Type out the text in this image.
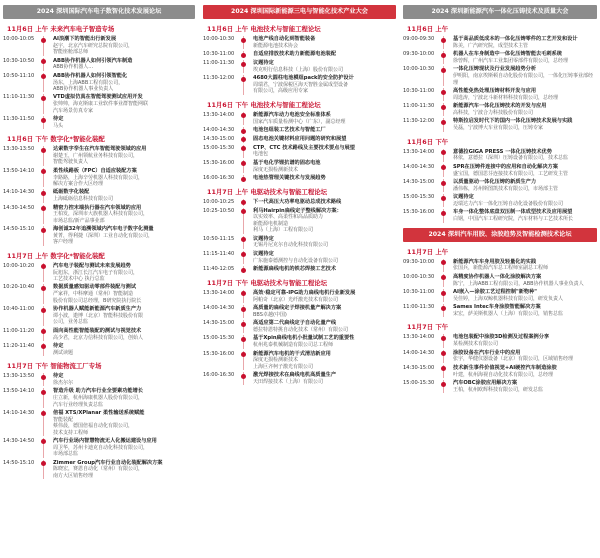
2024 深圳国际汽车电子数智化技术发展论坛
11月6日 上午 未来汽车电子智造专场
10:00-10:05	AI浪潮下的智能出行新发展
赵宇，北京汽车研究总院有限公司，
智能座舱部总师
10:30-10:50	ABB协作机器人如何引领汽车制造
ABB协作机器人...
10:50-11:10	ABB协作机器人如何引领智能化
汤东，上海ABB工程有限公司，
ABB协作机器人事业负责人
11:10-11:30	VTD虚拟仿真在智能驾驶测试应用开发
张帅帅，海克斯康工业软件事业群智能网联
汽车场景仿真专家
11:30-11:50	待定
马头
11月6日 下午 数字化*智能化装配
13:30-13:50	达索数字孪生在汽车智能驾驶领域的应用
谢楚玉，广州领航业务科技有限公司，
智能驾驶负责人
13:50-14:10	柔性线路板（FPC）自适应装配方案
李路路，上海辛劳机器人科技有限公司，
解决方案合作大区经理
14:10-14:30	砥砺数字化装配
上海砥砺信息科技有限公司
14:30-14:50	精密力控末端执行器在汽车领域的应用
王柏发，深圳市大族机器人科技有限公司，
市场总监/新产品事业部
14:50-15:10	海创诚32年追溯领域内汽车电子数字化测量
黄菁，得利捷（深圳）工业自动化有限公司，
客户经理
11月7日 上午 数字化*智能化装配
10:00-10:20	汽车电子装配与测试未来发展趋势
阮旭东，浙江长江汽车电子有限公司，
工艺技术中心 执行总监
10:20-10:40	数据质量感知驱动零部件装配与测试
严家祥，中科摩通（常州）智能制造
股份有限公司总经理，B研究院执行院长
10:40-11:00	协作机器人赋能新能源汽车新质生产力
谭小波，遨博（北京）智能科技股份有限
公司，业务总监
11:00-11:20	面向高性能智能装配的测试与视觉技术
高少君，北京力信科技有限公司，创始人
11:20-11:40	待定
测试读题
11月7日 下午 智能物流工厂专场
13:30-13:50	待定
徐杰尔尔
13:50-14:10	智造升级 助力汽车行业全要素功能增长
庄立新，杭州海康机器人股份有限公司，
汽车行业经理负责总监
14:10-14:30	倍福 XTS/XPlanar 柔性输送系统赋能
智能装配
蔡伟晨，德国倍福自动化有限公司，
技术支持工程师
14:30-14:50	汽车行业场内智慧物流无人化搬运建设与应用
周卫华，苏州卡迪克自动化科技有限公司，
市场部总监
14:50-15:10	Zimmer Group汽车行业自动化装配解决方案
陈晓宏，赛恩自动化（常州）有限公司，
南方大区销售经理
2024 深圳国际新能源三电与智能化技术产业大会
11月6日 上午 电池技术与智能工程论坛
10:00-10:30	电池产线自动化到智能装备
新能源电池技术协会
10:30-11:00	自适应排放技术助力新能源电池装配
11:00-11:30	议题待定
埃克明行信息科技（上海）股份有限公司
11:30-12:00	4680大圆柱电池模组pack的安全防护设计
周瑞君，宁波保税区海天智胜金属成型设备
有限公司，高级应用专家
11月6日 下午 电池技术与智能工程论坛
13:30-14:00	新能源汽车动力电池安全标准体系
国家汽车质量检测中心（广东），副总经理
14:00-14:30	电池包组装工艺技术与智能工厂
14:30-15:00	固态电池关键材料应用问题的研究和展望
15:00-15:30	CTP、CTC 技术路线及主要技术要点与展望
电池包
15:30-16:00	基于电化学锂抗谱的固态电池
深度无损检测新技术
16:00-16:30	电池热管理关键技术与发展趋势
11月7日 上午 电驱动技术与智能工程论坛
10:00-10:25	下一代高压大功率电驱动总成技术路线
10:25-10:50	利马Hairpin扁线定子整线解决方案：
以实效率、高柔性和高品质助力
新能源电机制造
利马（上海）工程有限公司
10:50-11:15	议题待定
无锡丹尼克尔自动化科技有限公司
11:15-11:40	议题待定
广东施泰德测控与自动化设备有限公司
11:40-12:05	新能源扁线电机的铁芯焊接工艺技术
11月7日 下午 电驱动技术与智能工程论坛
13:30-14:00	高效·稳定可靠-IPG助力扁线电机行业新发展
阿帕奇（北京）光纤激光技术有限公司
14:00-14:30	高质量的扁线定子焊接机量产解决方案
BBS卓越(中国)
14:30-15:00	高适应第二代扁线定子自动化量产线
德拉特恩特挑自动化技术（常州）有限公司
15:00-15:30	基于Xpin扁线电机小批量试制工艺的重要性
杭州兆泰机械制造有限公司总工程师
15:30-16:00	新能源汽车电机的干式清洁新应用
深度无损检测新技术
上海巨齐柯子激光有限公司
16:00-16:30	激光焊接技术在扁线电机高质量生产
天田焊接技术（上海）有限公司
2024 深圳新能源汽车一体化压铸技术及质量大会
11月6日 上午
09:00-09:30	基于高品质低成本的一体化压铸零件的工艺开发和设计
陈美，广汽研究院，成型技术主管
09:30-10:00	机器人在车身制造中一体化压铸智能去毛刺系统
徐曾辉，广州汽车工业集团零部件有限公司，总经理
10:00-10:30	一体化压铸现状及行业发展趋势分析
伊明阳，南京埃斯顿自动化股份有限公司，一体化压铸事业部经理
10:30-11:00	高性能免热处理压铸材料开发与应用
周选涛，宁波北斗新材料科技有限公司，总经理
11:00-11:30	新能源汽车一体化压铸技术的开发与应用
高科技，宁波合力科技股份有限公司
11:30-12:00	特斯拉启发时代下的国内一体化压铸技术发展与实践
吴磊，宁波博大车业有限公司，压铸专家
11月6日 下午
13:30-14:00	意德拉GIGA PRESS 一体化压铸技术优势
林依，意德拉（深圳）压铸设备有限公司，技术总监
14:00-14:30	SPR在压铸件连接中的应用和自动化解决方案
盛宝国，德国思芬连接技术有限公司，工艺研发主管
14:30-15:00	以质量驱动一体化压铸的新质生产力
潘伟栋，苏州斯图凯技术有限公司，市场部主管
15:00-15:30	议题待定
迈瑞达力汽车一体化压铸自动化设备股份有限公司
15:30-16:00	车身一体化整体底盘双压制一体成型技术及应用展望
白钢，中国汽车工程研究院，汽车材料与工艺技术所长
2024 深圳汽车用胶、涂胶趋势及智能检测技术论坛
11月7日 上午
09:30-10:00	新能源汽车车身用胶及轻量化的实践
张国兵，新能源汽车总工程师室副总工程师
10:00-10:30	高精度协作机器人一体化涂胶解决方案
陈宁，上海ABB工程有限公司，ABB协作机器人事业负责人
10:30-11:00	AI嵌入—涂胶工艺过程控制"新物种"
吴佳婷，上海双鲸机器科技有限公司，研发负责人
11:00-11:30	Sames Intec车身涂胶智能解决方案
宋宏，萨美斯机器人（上海）有限公司，销售总监
11月7日 下午
13:30-14:00	电池包装配中涂胶3D检测及过程案例分享
某检测技术有限公司
14:00-14:30	涂胶设备在汽车行业中的应用
张宇，华健仪器设备（北京）有限公司，区域销售经理
14:30-15:00	技术新生事件价值视觉+AI硬控汽车制造涂胶
叶建，杭州海视自动化技术有限公司，总经理
15:00-15:30	汽车OBC涂胶应用解决方案
王柏，杭州欧辉科技有限公司，研发总监
